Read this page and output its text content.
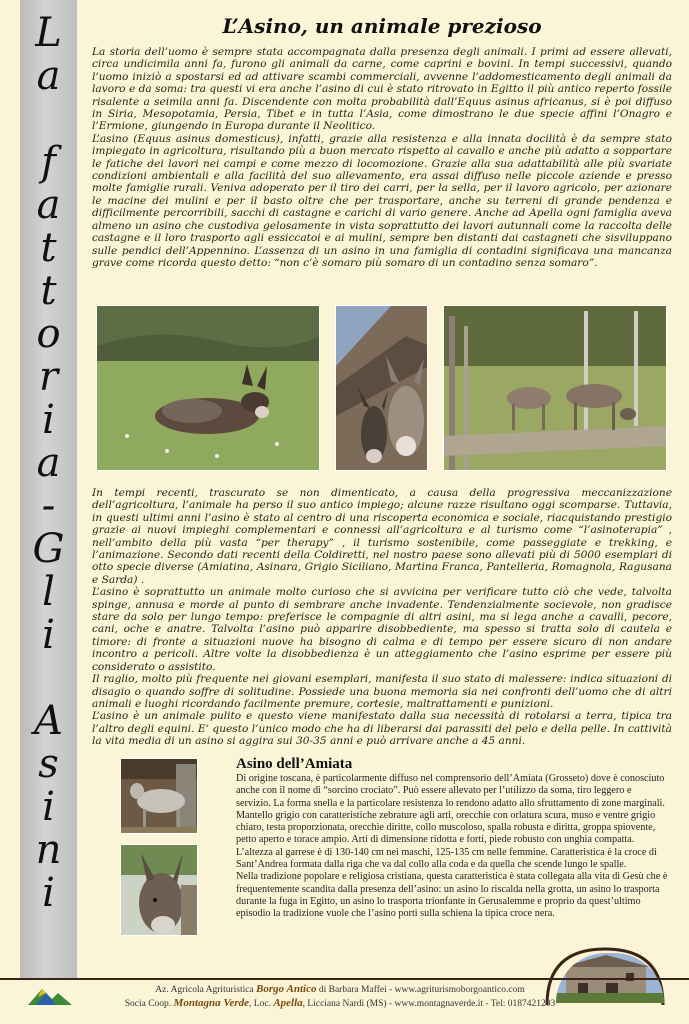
L
a
f
a
t
t
o
r
i
a
-
G
l
i
A
s
i
n
i
L’Asino, un animale prezioso

La storia dell’uomo è sempre stata accompagnata dalla presenza degli animali. I primi ad essere allevati, circa undicimila anni fa, furono gli animali da carne, come caprini e bovini. In tempi successivi, quando l’uomo iniziò a spostarsi ed ad attivare scambi commerciali, avvenne l’addomesticamento degli animali da lavoro e da soma: tra questi vi era anche l’asino di cui è stato ritrovato in Egitto il più antico reperto fossile risalente a seimila anni fa. Discendente con molta probabilità dall’Equus asinus africanus, si è poi diffuso in Siria, Mesopotamia, Persia, Tibet e in tutta l’Asia, come dimostrano le due specie affini l’Onagro e l’Ermione, giungendo in Europa durante il Neolitico.

L’asino (Equus asinus domesticus), infatti, grazie alla resistenza e alla innata docilità è da sempre stato impiegato in agricoltura, risultando più a buon mercato rispetto al cavallo e anche più adatto a sopportare le fatiche dei lavori nei campi e come mezzo di locomozione. Grazie alla sua adattabilità alle più svariate condizioni ambientali e alla facilità del suo allevamento, era assai diffuso nelle piccole aziende e presso molte famiglie rurali. Veniva adoperato per il tiro dei carri, per la sella, per il lavoro agricolo, per azionare le macine dei mulini e per il basto oltre che per trasportare, anche su terreni di grande pendenza e difficilmente percorribili, sacchi di castagne e carichi di vario genere. Anche ad Apella ogni famiglia aveva almeno un asino che custodiva gelosamente in vista soprattutto dei lavori autunnali come la raccolta delle castagne e il loro trasporto agli essiccatoi e ai mulini, sempre ben distanti dai castagneti che sisviluppano sulle pendici dell’Appennino. L’assenza di un asino in una famiglia di contadini significava una mancanza grave come ricorda questo detto: “non c’è somaro più somaro di un contadino senza somaro”.

In tempi recenti, trascurato se non dimenticato, a causa della progressiva meccanizzazione dell’agricoltura, l’animale ha perso il suo antico impiego; alcune razze risultano oggi scomparse. Tuttavia, in questi ultimi anni l’asino è stato al centro di una riscoperta economica e sociale, riacquistando prestigio grazie ai nuovi impieghi complementari e connessi all’agricoltura e al turismo come “l’asinoterapia” , nell’ambito della più vasta “per therapy” , il turismo sostenibile, come passeggiate e trekking, e l’animazione. Secondo dati recenti della Coldiretti, nel nostro paese sono allevati più di 5000 esemplari di otto specie diverse (Amiatina, Asinara, Grigio Siciliano, Martina Franca, Pantelleria, Romagnola, Ragusana e Sarda) .

L’asino è soprattutto un animale molto curioso che si avvicina per verificare tutto ciò che vede, talvolta spinge, annusa e morde al punto di sembrare anche invadente. Tendenzialmente socievole, non gradisce stare da solo per lungo tempo: preferisce le compagnie di altri asini, ma si lega anche a cavalli, pecore, cani, oche e anatre. Talvolta l’asino può apparire disobbediente, ma spesso si tratta solo di cautela e timore: di fronte a situazioni nuove ha bisogno di calma e di tempo per essere sicuro di non andare incontro a pericoli. Altre volte la disobbedienza è un atteggiamento che l’asino esprime per essere più considerato o assistito.

Il raglio, molto più frequente nei giovani esemplari, manifesta il suo stato di malessere: indica situazioni di disagio o quando soffre di solitudine. Possiede una buona memoria sia nei confronti dell’uomo che di altri animali e luoghi ricordando facilmente premure, cortesie, maltrattamenti e punizioni.

L’asino è un animale pulito e questo viene manifestato dalla sua necessità di rotolarsi a terra, tipica tra l’altro degli equini. E’ questo l’unico modo che ha di liberarsi dai parassiti del pelo e della pelle. In cattività la vita media di un asino si aggira sui 30-35 anni e può arrivare anche a 45 anni.

Asino dell’Amiata

Di origine toscana, è particolarmente diffuso nel comprensorio dell’Amiata (Grosseto) dove è conosciuto anche con il nome di “sorcino crociato”. Può essere allevato per l’utilizzo da soma, tiro leggero e servizio. La forma snella e la particolare resistenza lo rendono adatto allo sfruttamento di zone marginali. Mantello grigio con caratteristiche zebrature agli arti, orecchie con orlatura scura, muso e ventre grigio chiaro, testa proporzionata, orecchie diritte, collo muscoloso, spalla robusta e diritta, groppa spiovente, petto aperto e torace ampio. Arti di dimensione ridotta e forti, piede robusto con unghia compatta. L’altezza al garrese è di 130-140 cm nei maschi, 125-135 cm nelle femmine. Caratteristica è la croce di Sant’Andrea formata dalla riga che va dal collo alla coda e da quella che scende lungo le spalle.

Nella tradizione popolare e religiosa cristiana, questa caratteristica è stata collegata alla vita di Gesù che è frequentemente scandita dalla presenza dell’asino: un asino lo riscalda nella grotta, un asino lo trasporta durante la fuga in Egitto, un asino lo trasporta trionfante in Gerusalemme e proprio da quest’ultimo episodio la tradizione vuole che l’asino porti sulla schiena la tipica croce nera.

Az. Agricola Agrituristica Borgo Antico di Barbara Maffei - www.agriturismoborgoantico.com
Socia Coop. Montagna Verde, Loc. Apella, Licciana Nardi (MS) - www.montagnaverde.it - Tel: 0187421203
